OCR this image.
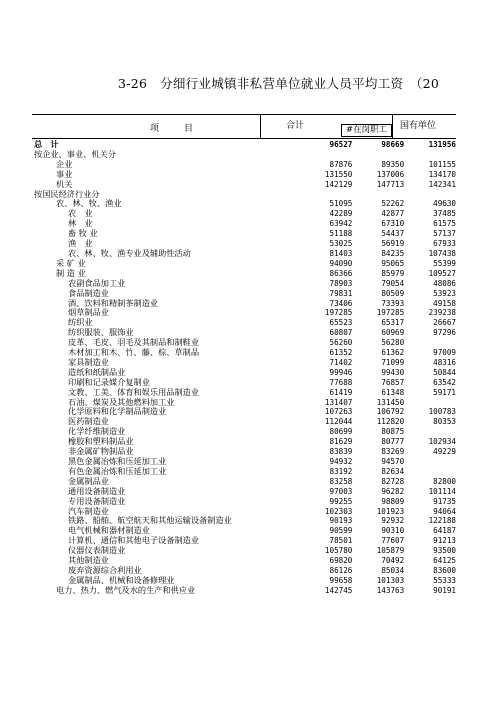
3-26　分细行业城镇非私营单位就业人员平均工资　（20
项　目	合计	国有单位
#在岗职工
总　计	96527	98669	131956
按企业、事业、机关分			
企业	87876	89350	101155
事业	131550	137006	134170
机关	142129	147713	142341
按国民经济行业分			
农、林、牧、渔业	51095	52262	49630
农　业	42289	42877	37485
林　业	63942	67310	61575
畜 牧 业	51188	54437	57137
渔　业	53025	56919	67933
农、林、牧、渔专业及辅助性活动	81403	84235	107438
采 矿 业	94090	95065	55399
制 造 业	86366	85979	109527
农副食品加工业	78903	79054	48086
食品制造业	79831	80509	53923
酒、饮料和精制茶制造业	73406	73393	49158
烟草制品业	197285	197285	239238
纺织业	65523	65317	26667
纺织服装、服饰业	60807	60969	97296
皮革、毛皮、羽毛及其制品和制鞋业	56260	56280	
木材加工和木、竹、藤、棕、草制品	61352	61362	97009
家具制造业	71402	71099	48316
造纸和纸制品业	99946	99430	50844
印刷和记录媒介复制业	77688	76857	63542
文教、工美、体育和娱乐用品制造业	61419	61348	59171
石油、煤炭及其他燃料加工业	131407	131450	
化学原料和化学制品制造业	107263	106792	100783
医药制造业	112044	112820	80353
化学纤维制造业	80699	80875	
橡胶和塑料制品业	81629	80777	102934
非金属矿物制品业	83839	83269	49229
黑色金属冶炼和压延加工业	94932	94570	
有色金属冶炼和压延加工业	83192	82634	
金属制品业	83258	82728	82800
通用设备制造业	97003	96282	101114
专用设备制造业	99255	98809	91735
汽车制造业	102303	101923	94064
铁路、船舶、航空航天和其他运输设备制造业	90193	92932	122188
电气机械和器材制造业	90599	90310	64187
计算机、通信和其他电子设备制造业	78501	77607	91213
仪器仪表制造业	105780	105879	93500
其他制造业	69820	70492	64125
废弃资源综合利用业	86126	85034	83600
金属制品、机械和设备修理业	99658	101303	55333
电力、热力、燃气及水的生产和供应业	142745	143763	90191
